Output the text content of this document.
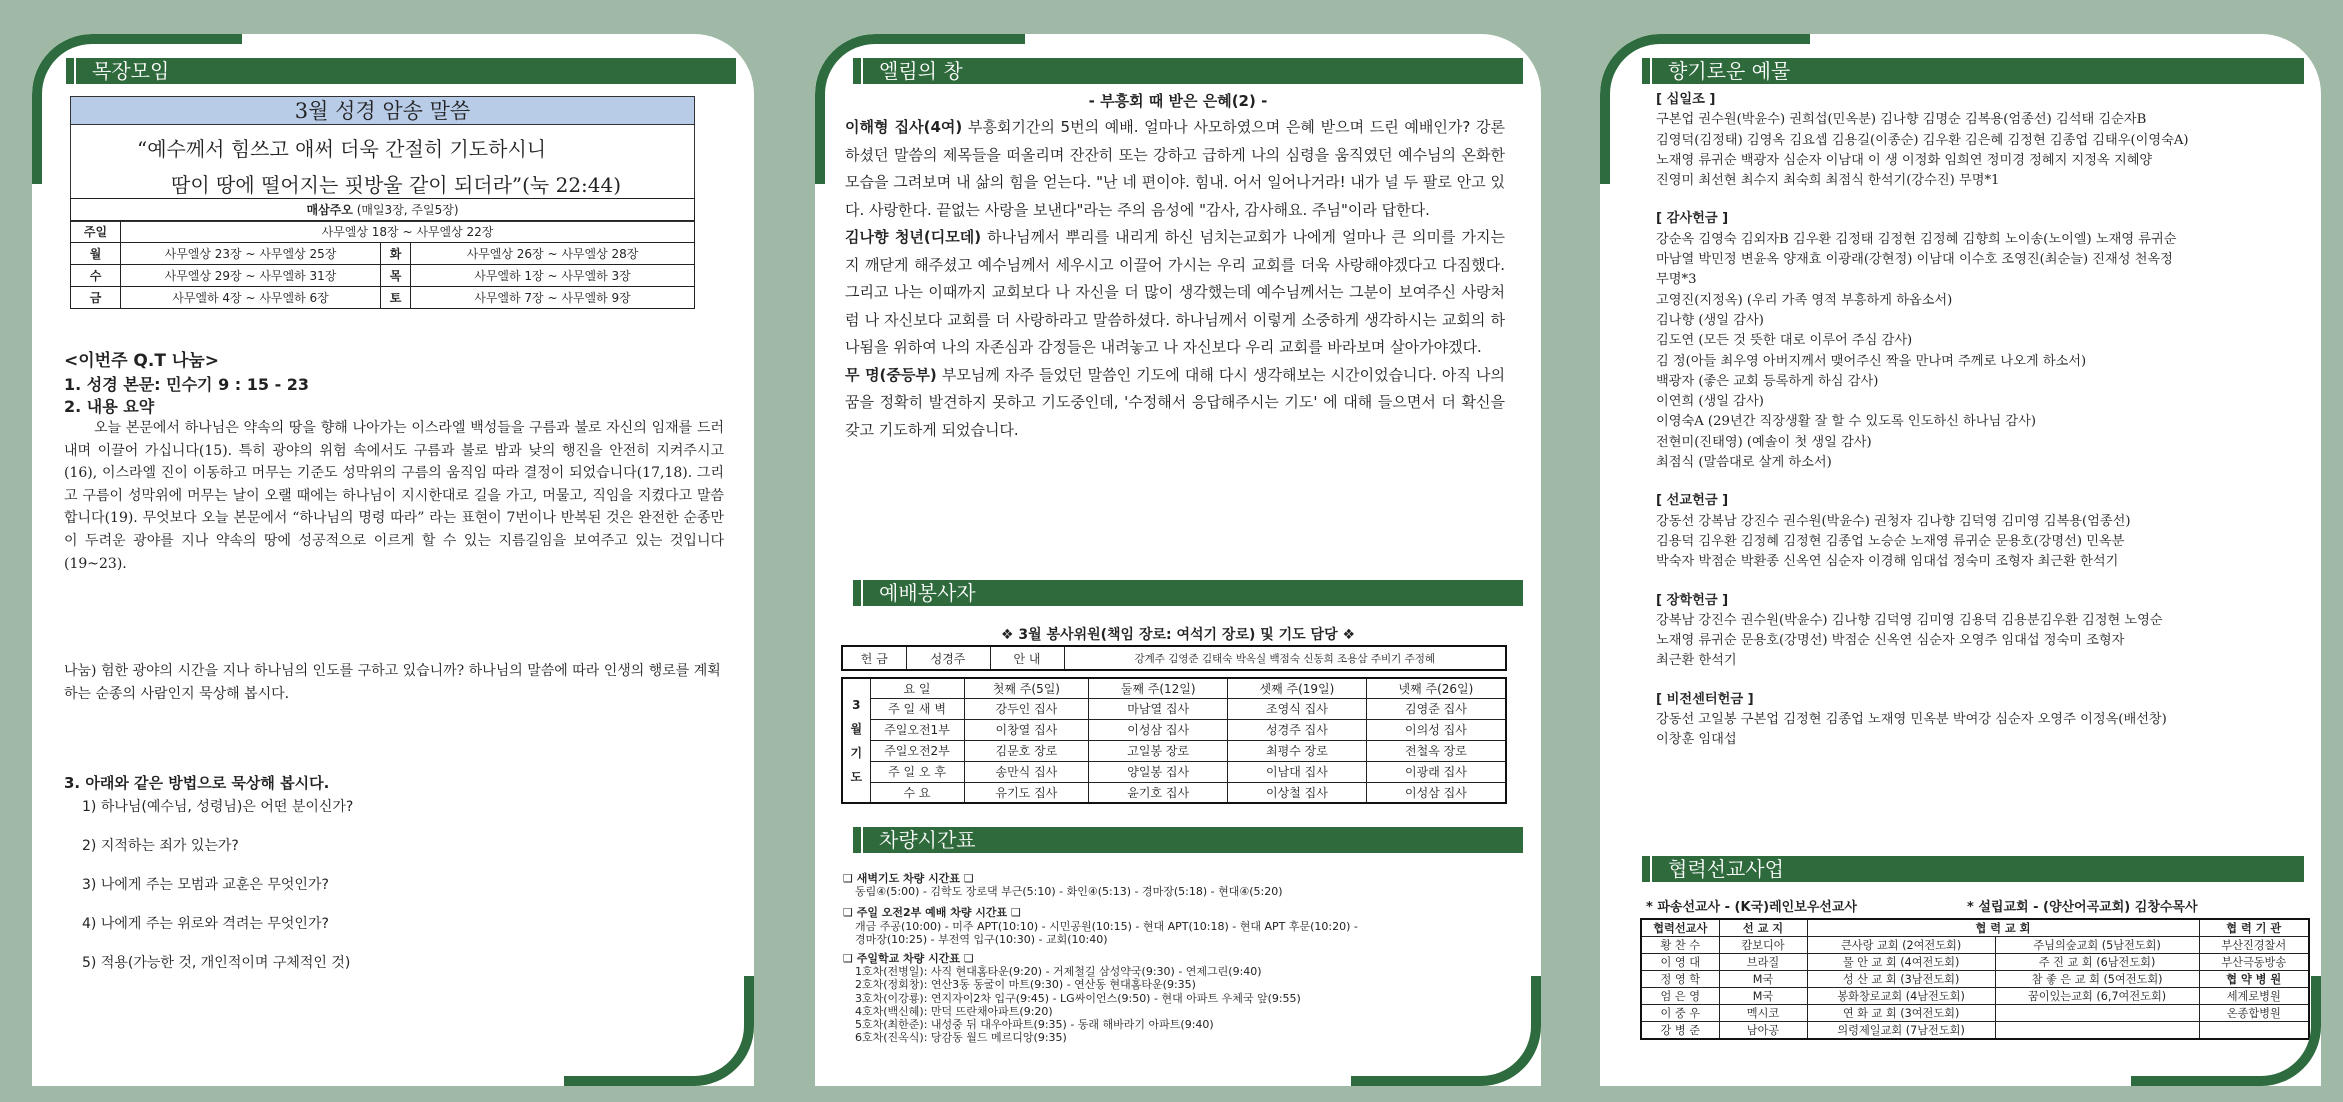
목장모임
3월 성경 암송 말씀
“예수께서 힘쓰고 애써 더욱 간절히 기도하시니
땀이 땅에 떨어지는 핏방울 같이 되더라”(눅 22:44)
매삼주오 (매일3장, 주일5장)			
주일	사무엘상 18장 ~ 사무엘상 22장		
월	사무엘상 23장 ~ 사무엘상 25장	화	사무엘상 26장 ~ 사무엘상 28장
수	사무엘상 29장 ~ 사무엘하 31장	목	사무엘하 1장 ~ 사무엘하 3장
금	사무엘하 4장 ~ 사무엘하 6장	토	사무엘하 7장 ~ 사무엘하 9장
<이번주 Q.T 나눔>
1. 성경 본문: 민수기 9 : 15 - 23
2. 내용 요약
오늘 본문에서 하나님은 약속의 땅을 향해 나아가는 이스라엘 백성들을 구름과 불로 자신의 임재를 드러내며 이끌어 가십니다(15). 특히 광야의 위험 속에서도 구름과 불로 밤과 낮의 행진을 안전히 지켜주시고(16), 이스라엘 진이 이동하고 머무는 기준도 성막위의 구름의 움직임 따라 결정이 되었습니다(17,18). 그리고 구름이 성막위에 머무는 날이 오랠 때에는 하나님이 지시한대로 길을 가고, 머물고, 직임을 지켰다고 말씀합니다(19). 무엇보다 오늘 본문에서 “하나님의 명령 따라” 라는 표현이 7번이나 반복된 것은 완전한 순종만이 두려운 광야를 지나 약속의 땅에 성공적으로 이르게 할 수 있는 지름길임을 보여주고 있는 것입니다(19~23).
나눔) 험한 광야의 시간을 지나 하나님의 인도를 구하고 있습니까? 하나님의 말씀에 따라 인생의 행로를 계획하는 순종의 사람인지 묵상해 봅시다.
3. 아래와 같은 방법으로 묵상해 봅시다.
1) 하나님(예수님, 성령님)은 어떤 분이신가?
2) 지적하는 죄가 있는가?
3) 나에게 주는 모범과 교훈은 무엇인가?
4) 나에게 주는 위로와 격려는 무엇인가?
5) 적용(가능한 것, 개인적이며 구체적인 것)
엘림의 창
- 부흥회 때 받은 은혜(2) -
이해형 집사(4여) 부흥회기간의 5번의 예배. 얼마나 사모하였으며 은혜 받으며 드린 예배인가? 강론하셨던 말씀의 제목들을 떠올리며 잔잔히 또는 강하고 급하게 나의 심령을 움직였던 예수님의 온화한 모습을 그려보며 내 삶의 힘을 얻는다. "난 네 편이야. 힘내. 어서 일어나거라! 내가 널 두 팔로 안고 있다. 사랑한다. 끝없는 사랑을 보낸다"라는 주의 음성에 "감사, 감사해요. 주님"이라 답한다.
김나향 청년(디모데) 하나님께서 뿌리를 내리게 하신 넘치는교회가 나에게 얼마나 큰 의미를 가지는지 깨닫게 해주셨고 예수님께서 세우시고 이끌어 가시는 우리 교회를 더욱 사랑해야겠다고 다짐했다. 그리고 나는 이때까지 교회보다 나 자신을 더 많이 생각했는데 예수님께서는 그분이 보여주신 사랑처럼 나 자신보다 교회를 더 사랑하라고 말씀하셨다. 하나님께서 이렇게 소중하게 생각하시는 교회의 하나됨을 위하여 나의 자존심과 감정들은 내려놓고 나 자신보다 우리 교회를 바라보며 살아가야겠다.
무 명(중등부) 부모님께 자주 들었던 말씀인 기도에 대해 다시 생각해보는 시간이었습니다. 아직 나의 꿈을 정확히 발견하지 못하고 기도중인데, '수정해서 응답해주시는 기도' 에 대해 들으면서 더 확신을 갖고 기도하게 되었습니다.
예배봉사자
❖ 3월 봉사위원(책임 장로: 여석기 장로) 및 기도 담당 ❖
헌 금	성경주	안 내	강계주 김영준 김태숙 박옥실 백점숙 신동희 조용삼 주비기 주정혜
3
월
기
도	요 일	첫째 주(5일)	둘째 주(12일)	셋째 주(19일)	넷째 주(26일)
	주 일 새 벽	강두인 집사	마남열 집사	조영식 집사	김영준 집사
	주일오전1부	이창열 집사	이성삼 집사	성경주 집사	이의성 집사
	주일오전2부	김문호 장로	고일봉 장로	최평수 장로	전철옥 장로
	주 일 오 후	송만식 집사	양일봉 집사	이남대 집사	이광래 집사
	수 요	유기도 집사	윤기호 집사	이상철 집사	이성삼 집사
차량시간표
❑ 새벽기도 차량 시간표 ❑
동림④(5:00) - 김학도 장로댁 부근(5:10) - 화인④(5:13) - 경마장(5:18) - 현대④(5:20)
❑ 주일 오전2부 예배 차량 시간표 ❑
개금 주공(10:00) - 미주 APT(10:10) - 시민공원(10:15) - 현대 APT(10:18) - 현대 APT 후문(10:20) -
경마장(10:25) - 부전역 입구(10:30) - 교회(10:40)
❑ 주일학교 차량 시간표 ❑
1호차(전병일): 사직 현대홈타운(9:20) - 거제철길 삼성약국(9:30) - 연제그린(9:40)
2호차(정회창): 연산3동 동굴이 마트(9:30) - 연산동 현대홈타운(9:35)
3호차(이강룡): 연지자이2차 입구(9:45) - LG싸이언스(9:50) - 현대 아파트 우체국 앞(9:55)
4호차(백신혜): 만덕 뜨란채아파트(9:20)
5호차(최한준): 내성중 뒤 대우아파트(9:35) - 동래 해바라기 아파트(9:40)
6호차(진옥식): 당감동 월드 메르디앙(9:35)
향기로운 예물
[ 십일조 ]
구본업 권수원(박윤수) 권희섭(민옥분) 김나향 김명순 김복용(엄종선) 김석태 김순자B
김영덕(김정태) 김영옥 김요셉 김용길(이종순) 김우환 김은혜 김정현 김종업 김태우(이영숙A)
노재영 류귀순 백광자 심순자 이남대 이 생 이정화 임희연 정미경 정혜지 지정옥 지혜양
진영미 최선현 최수지 최숙희 최점식 한석기(강수진) 무명*1
[ 감사헌금 ]
강순옥 김영숙 김외자B 김우환 김정태 김정현 김정혜 김향희 노이송(노이엘) 노재영 류귀순
마남열 박민정 변윤옥 양재효 이광래(강현정) 이남대 이수호 조영진(최순늘) 진재성 천옥정
무명*3
고영진(지정옥) (우리 가족 영적 부흥하게 하옵소서)
김나향 (생일 감사)
김도연 (모든 것 뜻한 대로 이루어 주심 감사)
김 정(아들 최우영 아버지께서 맺어주신 짝을 만나며 주께로 나오게 하소서)
백광자 (좋은 교회 등록하게 하심 감사)
이연희 (생일 감사)
이영숙A (29년간 직장생활 잘 할 수 있도록 인도하신 하나님 감사)
전현미(진태영) (예솔이 첫 생일 감사)
최점식 (말씀대로 살게 하소서)
[ 선교헌금 ]
강동선 강복남 강진수 권수원(박윤수) 권청자 김나향 김덕영 김미영 김복용(엄종선)
김용덕 김우환 김정혜 김정현 김종업 노승순 노재영 류귀순 문용호(강명선) 민옥분
박숙자 박점순 박환종 신옥연 심순자 이경해 임대섭 정숙미 조형자 최근환 한석기
[ 장학헌금 ]
강복남 강진수 권수원(박윤수) 김나향 김덕영 김미영 김용덕 김용분김우환 김정현 노영순
노재영 류귀순 문용호(강명선) 박점순 신옥연 심순자 오영주 임대섭 정숙미 조형자
최근환 한석기
[ 비전센터헌금 ]
강동선 고일봉 구본업 김정현 김종업 노재영 민옥분 박여강 심순자 오영주 이정옥(배선창)
이창훈 임대섭
협력선교사업
* 파송선교사 - (K국)레인보우선교사	* 설립교회 - (양산어곡교회) 김창수목사
협력선교사	선 교 지	협 력 교 회		협 력 기 관
황 찬 수	캄보디아	큰사랑 교회 (2여전도회)	주님의숲교회 (5남전도회)	부산진경찰서
이 영 대	브라질	물 안 교 회 (4여전도회)	주 진 교 회 (6남전도회)	부산극동방송
정 영 학	M국	성 산 교 회 (3남전도회)	참 좋 은 교 회 (5여전도회)	협 약 병 원
엄 은 영	M국	봉화창로교회 (4남전도회)	꿈이있는교회 (6,7여전도회)	세계로병원
이 중 우	멕시코	연 화 교 회 (3여전도회)		온종합병원
강 병 준	남아공	의령제일교회 (7남전도회)		
